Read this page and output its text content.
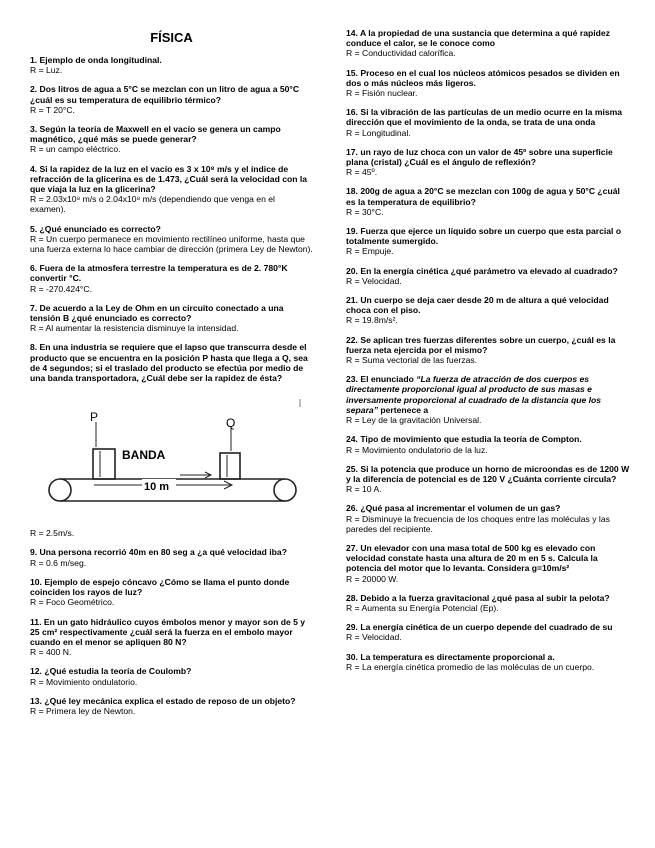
FÍSICA
1. Ejemplo de onda longitudinal.
R = Luz.
2. Dos litros de agua a 5°C se mezclan con un litro de agua a 50°C ¿cuál es su temperatura de equilibrio térmico?
R = T 20°C.
3. Según la teoría de Maxwell en el vacío se genera un campo magnético, ¿qué más se puede generar?
R = un campo eléctrico.
4. Si la rapidez de la luz en el vacío es 3 x 10⁸ m/s y el índice de refracción de la glicerina es de 1.473, ¿Cuál será la velocidad con la que viaja la luz en la glicerina?
R = 2.03x10⁸ m/s o 2.04x10⁸ m/s (dependiendo que venga en el examen).
5. ¿Qué enunciado es correcto?
R = Un cuerpo permanece en movimiento rectilíneo uniforme, hasta que una fuerza externa lo hace cambiar de dirección (primera Ley de Newton).
6. Fuera de la atmosfera terrestre la temperatura es de 2. 780°K convertir °C.
R = -270.424°C.
7. De acuerdo a la Ley de Ohm en un circuito conectado a una tensión B ¿qué enunciado es correcto?
R = Al aumentar la resistencia disminuye la intensidad.
8. En una industria se requiere que el lapso que transcurra desde el producto que se encuentra en la posición P hasta que llega a Q, sea de 4 segundos; si el traslado del producto se efectúa por medio de una banda transportadora, ¿Cuál debe ser la rapidez de ésta?
P	Q
BANDA
10 m
R = 2.5m/s.
9. Una persona recorrió 40m en 80 seg a ¿a qué velocidad iba?
R = 0.6 m/seg.
10. Ejemplo de espejo cóncavo ¿Cómo se llama el punto donde coinciden los rayos de luz?
R = Foco Geométrico.
11. En un gato hidráulico cuyos émbolos menor y mayor son de 5 y 25 cm² respectivamente ¿cuál será la fuerza en el embolo mayor cuando en el menor se apliquen 80 N?
R = 400 N.
12. ¿Qué estudia la teoría de Coulomb?
R = Movimiento ondulatorio.
13. ¿Qué ley mecánica explica el estado de reposo de un objeto?
R = Primera ley de Newton.
14. A la propiedad de una sustancia que determina a qué rapidez conduce el calor, se le conoce como
R = Conductividad calorífica.
15. Proceso en el cual los núcleos atómicos pesados se dividen en dos o más núcleos más ligeros.
R = Fisión nuclear.
16. Si la vibración de las partículas de un medio ocurre en la misma dirección que el movimiento de la onda, se trata de una onda
R = Longitudinal.
17. un rayo de luz choca con un valor de 45º sobre una superficie plana (cristal) ¿Cuál es el ángulo de reflexión?
R = 45º.
18. 200g de agua a 20°C se mezclan con 100g de agua y 50°C ¿cuál es la temperatura de equilibrio?
R = 30°C.
19. Fuerza que ejerce un líquido sobre un cuerpo que esta parcial o totalmente sumergido.
R = Empuje.
20. En la energía cinética ¿qué parámetro va elevado al cuadrado?
R = Velocidad.
21. Un cuerpo se deja caer desde 20 m de altura a qué velocidad choca con el piso.
R = 19.8m/s².
22. Se aplican tres fuerzas diferentes sobre un cuerpo, ¿cuál es la fuerza neta ejercida por el mismo?
R = Suma vectorial de las fuerzas.
23. El enunciado “La fuerza de atracción de dos cuerpos es directamente proporcional igual al producto de sus masas e inversamente proporcional al cuadrado de la distancia que los separa” pertenece a
R = Ley de la gravitación Universal.
24. Tipo de movimiento que estudia la teoría de Compton.
R = Movimiento ondulatorio de la luz.
25. Si la potencia que produce un horno de microondas es de 1200 W y la diferencia de potencial es de 120 V ¿Cuánta corriente circula?
R = 10 A.
26. ¿Qué pasa al incrementar el volumen de un gas?
R = Disminuye la frecuencia de los choques entre las moléculas y las paredes del recipiente.
27. Un elevador con una masa total de 500 kg es elevado con velocidad constate hasta una altura de 20 m en 5 s. Calcula la potencia del motor que lo levanta. Considera g=10m/s²
R = 20000 W.
28. Debido a la fuerza gravitacional ¿qué pasa al subir la pelota?
R = Aumenta su Energía Potencial (Ep).
29. La energía cinética de un cuerpo depende del cuadrado de su
R = Velocidad.
30. La temperatura es directamente proporcional a.
R = La energía cinética promedio de las moléculas de un cuerpo.
